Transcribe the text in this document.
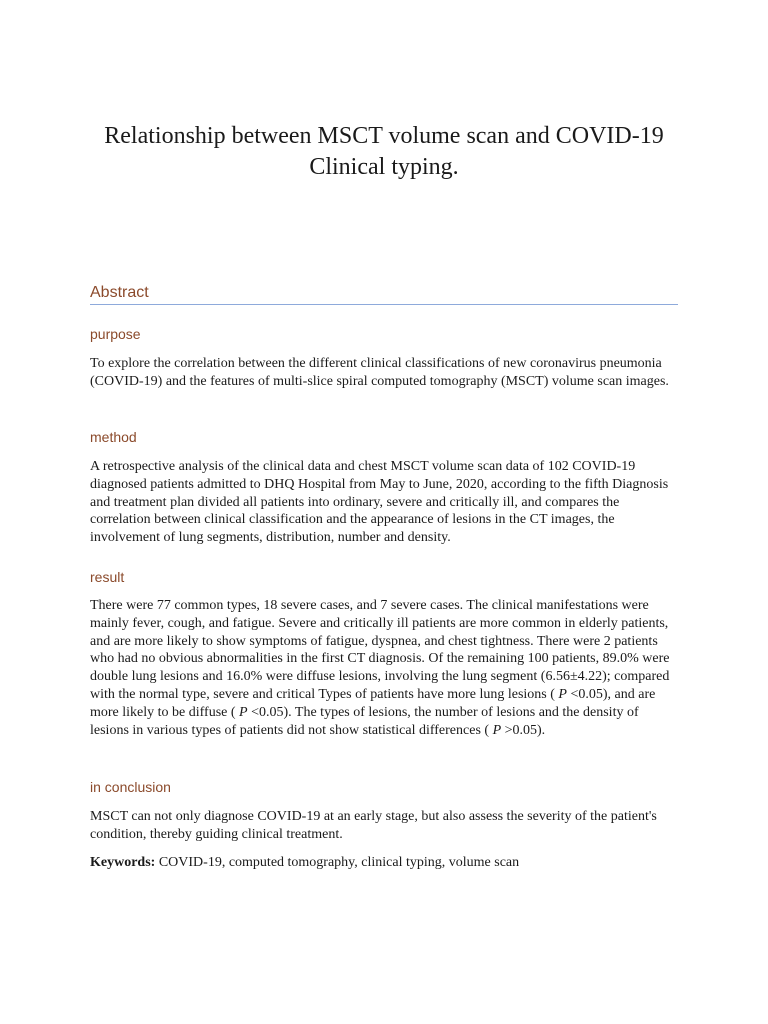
Relationship between MSCT volume scan and COVID-19
Clinical typing.
Abstract
purpose

To explore the correlation between the different clinical classifications of new coronavirus pneumonia (COVID-19) and the features of multi-slice spiral computed tomography (MSCT) volume scan images.

method

A retrospective analysis of the clinical data and chest MSCT volume scan data of 102 COVID-19 diagnosed patients admitted to DHQ Hospital from May to June, 2020, according to the fifth Diagnosis and treatment plan divided all patients into ordinary, severe and critically ill, and compares the correlation between clinical classification and the appearance of lesions in the CT images, the involvement of lung segments, distribution, number and density.

result

There were 77 common types, 18 severe cases, and 7 severe cases. The clinical manifestations were mainly fever, cough, and fatigue. Severe and critically ill patients are more common in elderly patients, and are more likely to show symptoms of fatigue, dyspnea, and chest tightness. There were 2 patients who had no obvious abnormalities in the first CT diagnosis. Of the remaining 100 patients, 89.0% were double lung lesions and 16.0% were diffuse lesions, involving the lung segment (6.56±4.22); compared with the normal type, severe and critical Types of patients have more lung lesions ( P <0.05), and are more likely to be diffuse ( P <0.05). The types of lesions, the number of lesions and the density of lesions in various types of patients did not show statistical differences ( P >0.05).

in conclusion

MSCT can not only diagnose COVID-19 at an early stage, but also assess the severity of the patient's condition, thereby guiding clinical treatment.

Keywords: COVID-19, computed tomography, clinical typing, volume scan
